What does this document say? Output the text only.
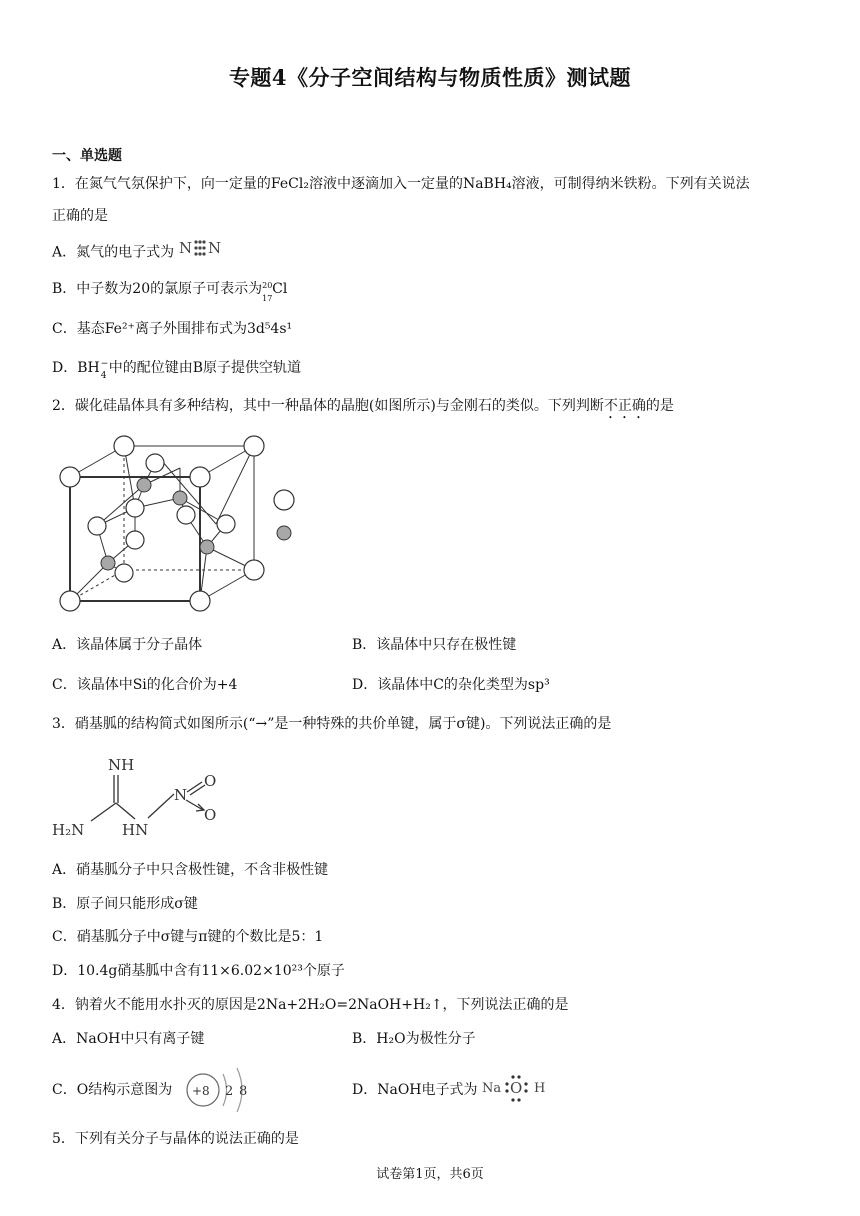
专题4《分子空间结构与物质性质》测试题
一、单选题
1．在氮气气氛保护下，向一定量的FeCl₂溶液中逐滴加入一定量的NaBH₄溶液，可制得纳米铁粉。下列有关说法
正确的是
A．氮气的电子式为 N N
B．中子数为20的氯原子可表示为 20
17
Cl
C．基态Fe²⁺离子外围排布式为3d⁵4s¹
D．BH −
4 中的配位键由B原子提供空轨道
2．碳化硅晶体具有多种结构，其中一种晶体的晶胞(如图所示)与金刚石的类似。下列判断不正确的是
A．该晶体属于分子晶体	B．该晶体中只存在极性键
C．该晶体中Si的化合价为+4	D．该晶体中C的杂化类型为sp³
3．硝基胍的结构简式如图所示(“→”是一种特殊的共价单键，属于σ键)。下列说法正确的是
NH
H₂N	HN
N
O
O
A．硝基胍分子中只含极性键，不含非极性键
B．原子间只能形成σ键
C．硝基胍分子中σ键与π键的个数比是5：1
D．10.4g硝基胍中含有11×6.02×10²³个原子
4．钠着火不能用水扑灭的原因是2Na+2H₂O=2NaOH+H₂↑，下列说法正确的是
A．NaOH中只有离子键	B．H₂O为极性分子
C．O结构示意图为 +8 2 8	D．NaOH电子式为 Na O H
5．下列有关分子与晶体的说法正确的是
试卷第1页，共6页
